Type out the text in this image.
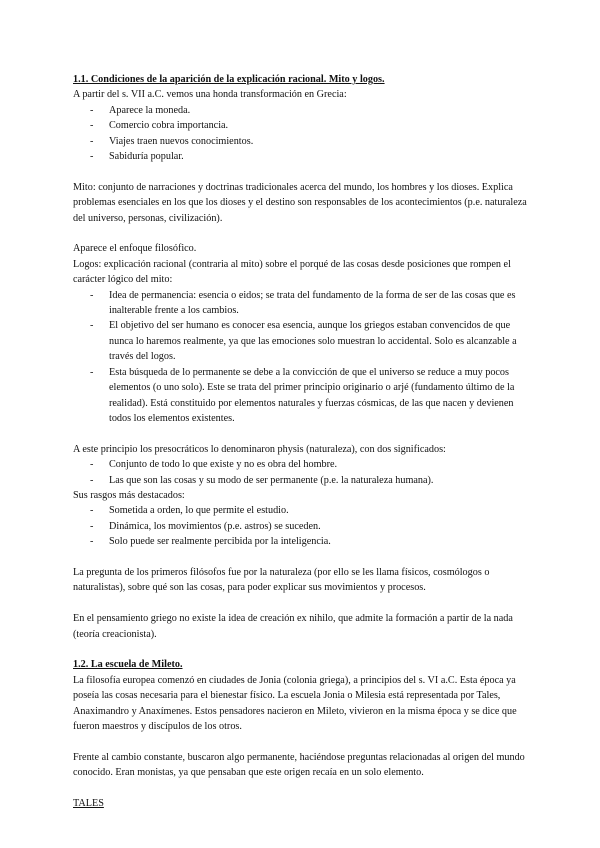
1.1. Condiciones de la aparición de la explicación racional. Mito y logos.

A partir del s. VII a.C. vemos una honda transformación en Grecia:

- Aparece la moneda.
- Comercio cobra importancia.
- Viajes traen nuevos conocimientos.
- Sabiduría popular.

Mito: conjunto de narraciones y doctrinas tradicionales acerca del mundo, los hombres y los dioses. Explica problemas esenciales en los que los dioses y el destino son responsables de los acontecimientos (p.e. naturaleza del universo, personas, civilización).

Aparece el enfoque filosófico.

Logos: explicación racional (contraria al mito) sobre el porqué de las cosas desde posiciones que rompen el carácter lógico del mito:

- Idea de permanencia: esencia o eidos; se trata del fundamento de la forma de ser de las cosas que es inalterable frente a los cambios.
- El objetivo del ser humano es conocer esa esencia, aunque los griegos estaban convencidos de que nunca lo haremos realmente, ya que las emociones solo muestran lo accidental. Solo es alcanzable a través del logos.
- Esta búsqueda de lo permanente se debe a la convicción de que el universo se reduce a muy pocos elementos (o uno solo). Este se trata del primer principio originario o arjé (fundamento último de la realidad). Está constituido por elementos naturales y fuerzas cósmicas, de las que nacen y devienen todos los elementos existentes.

A este principio los presocráticos lo denominaron physis (naturaleza), con dos significados:

- Conjunto de todo lo que existe y no es obra del hombre.
- Las que son las cosas y su modo de ser permanente (p.e. la naturaleza humana).

Sus rasgos más destacados:

- Sometida a orden, lo que permite el estudio.
- Dinámica, los movimientos (p.e. astros) se suceden.
- Solo puede ser realmente percibida por la inteligencia.

La pregunta de los primeros filósofos fue por la naturaleza (por ello se les llama físicos, cosmólogos o naturalistas), sobre qué son las cosas, para poder explicar sus movimientos y procesos.

En el pensamiento griego no existe la idea de creación ex nihilo, que admite la formación a partir de la nada (teoría creacionista).

1.2. La escuela de Mileto.

La filosofía europea comenzó en ciudades de Jonia (colonia griega), a principios del s. VI a.C. Esta época ya poseía las cosas necesaria para el bienestar físico. La escuela Jonia o Milesia está representada por Tales, Anaximandro y Anaxímenes. Estos pensadores nacieron en Mileto, vivieron en la misma época y se dice que fueron maestros y discípulos de los otros.

Frente al cambio constante, buscaron algo permanente, haciéndose preguntas relacionadas al origen del mundo conocido. Eran monistas, ya que pensaban que este origen recaía en un solo elemento.

TALES
